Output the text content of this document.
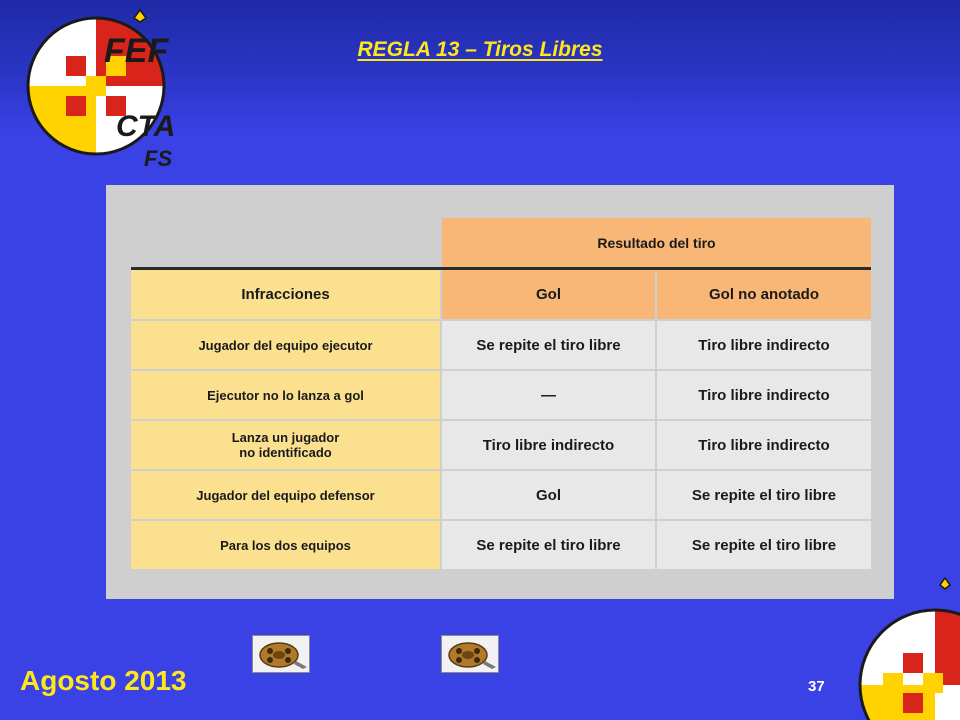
REGLA 13 – Tiros Libres
FEF
CTA
FS
	Resultado del tiro	
Infracciones	Gol	Gol no anotado
Jugador del equipo ejecutor	Se repite el tiro libre	Tiro libre indirecto
Ejecutor no lo lanza a gol	—	Tiro libre indirecto
Lanza un jugador
no identificado	Tiro libre indirecto	Tiro libre indirecto
Jugador del equipo defensor	Gol	Se repite el tiro libre
Para los dos equipos	Se repite el tiro libre	Se repite el tiro libre
Agosto 2013	37
